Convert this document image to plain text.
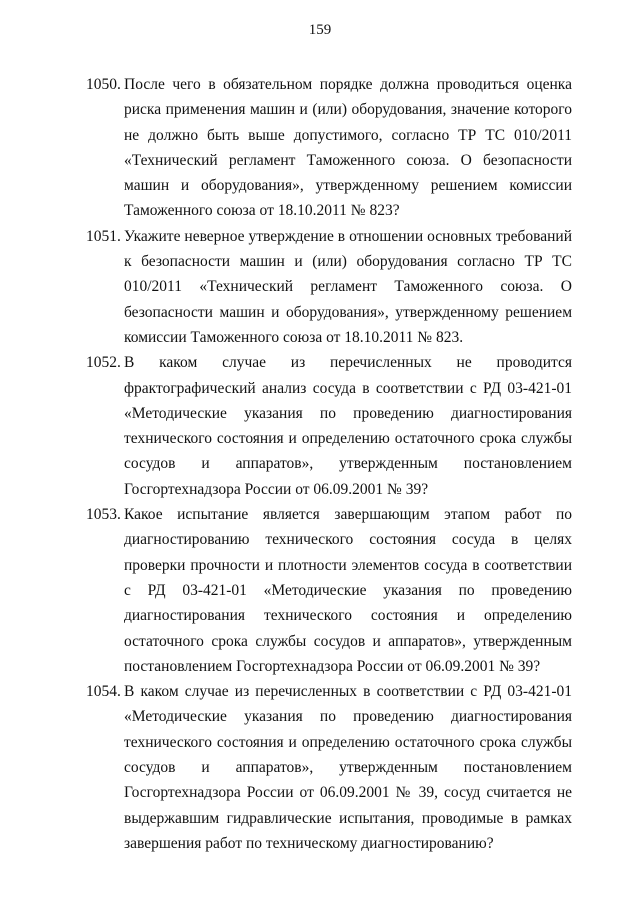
159
1050. После чего в обязательном порядке должна проводиться оценка риска применения машин и (или) оборудования, значение которого не должно быть выше допустимого, согласно ТР ТС 010/2011 «Технический регламент Таможенного союза. О безопасности машин и оборудования», утвержденному решением комиссии Таможенного союза от 18.10.2011 № 823?
1051. Укажите неверное утверждение в отношении основных требований к безопасности машин и (или) оборудования согласно ТР ТС 010/2011 «Технический регламент Таможенного союза. О безопасности машин и оборудования», утвержденному решением комиссии Таможенного союза от 18.10.2011 № 823.
1052. В каком случае из перечисленных не проводится фрактографический анализ сосуда в соответствии с РД 03-421-01 «Методические указания по проведению диагностирования технического состояния и определению остаточного срока службы сосудов и аппаратов», утвержденным постановлением Госгортехнадзора России от 06.09.2001 № 39?
1053. Какое испытание является завершающим этапом работ по диагностированию технического состояния сосуда в целях проверки прочности и плотности элементов сосуда в соответствии с РД 03-421-01 «Методические указания по проведению диагностирования технического состояния и определению остаточного срока службы сосудов и аппаратов», утвержденным постановлением Госгортехнадзора России от 06.09.2001 № 39?
1054. В каком случае из перечисленных в соответствии с РД 03-421-01 «Методические указания по проведению диагностирования технического состояния и определению остаточного срока службы сосудов и аппаратов», утвержденным постановлением Госгортехнадзора России от 06.09.2001 № 39, сосуд считается не выдержавшим гидравлические испытания, проводимые в рамках завершения работ по техническому диагностированию?
